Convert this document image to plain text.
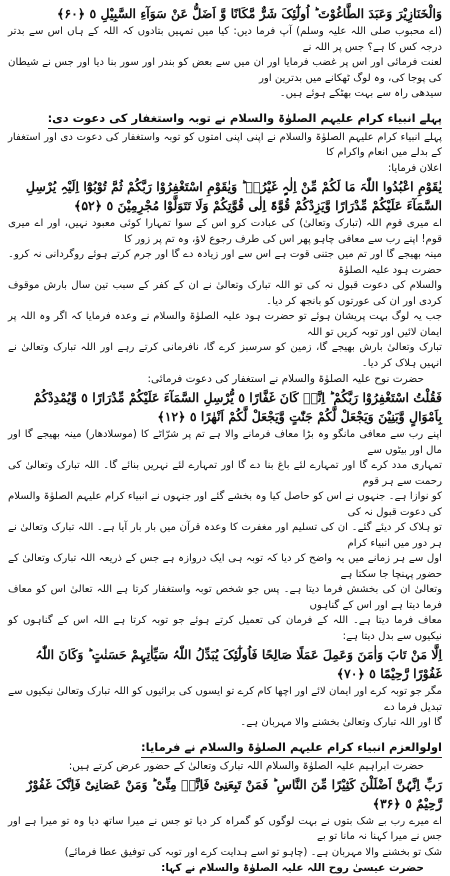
وَالْخَنَازِیْرَ وَعَبَدَ الطَّاغُوْتَ ؕ اُولٰٓئِکَ شَرٌّ مَّکَانًا وَّ اَضَلُّ عَنْ سَوَآءِ السَّبِیْلِ ٥ ﴿۶۰﴾
(اے محبوب صلی اللہ علیہ وسلم) آپ فرما دیں: کیا میں تمہیں بتادوں کہ اللہ کے ہاں اس سے بدتر درجہ کس کا ہے؟ جس پر اللہ نے
لعنت فرمائی اور اس پر غضب فرمایا اور ان میں سے بعض کو بندر اور سور بنا دیا اور جس نے شیطان کی پوجا کی، وہ لوگ ٹھکانے میں بدترین اور
سیدھی راہ سے بہت بھٹکے ہوئے ہیں۔
پہلے انبیاء کرام علیہم الصلوٰۃ والسلام نے توبہ واستغفار کی دعوت دی:
پہلے انبیاء کرام علیہم الصلوٰۃ والسلام نے اپنی اپنی امتوں کو توبہ واستغفار کی دعوت دی اور استغفار کے بدلے میں انعام واکرام کا
اعلان فرمایا:
یٰقَوْمِ اعْبُدُوا اللّٰہَ مَا لَکُمْ مِّنْ اِلٰہٍ غَیْرُہٗ ؕ وَیٰقَوْمِ اسْتَغْفِرُوْا رَبَّکُمْ ثُمَّ تُوْبُوْٓا اِلَیْہِ یُرْسِلِ السَّمَآءَ عَلَیْکُمْ مِّدْرَارًا وَّیَزِدْکُمْ قُوَّۃً اِلٰی قُوَّتِکُمْ وَلَا تَتَوَلَّوْا مُجْرِمِیْنَ ٥ ﴿۵۲﴾
اے میری قوم اللہ (تبارک وتعالیٰ) کی عبادت کرو اس کے سوا تمہارا کوئی معبود نہیں، اور اے میری قوم! اپنے رب سے معافی چاہو پھر اس کی طرف رجوع لاؤ، وہ تم پر زور کا
مینہ بھیجے گا اور تم میں جتنی قوت ہے اس سے اور زیادہ دے گا اور جرم کرتے ہوئے روگردانی نہ کرو۔ حضرت ہود علیہ الصلوٰۃ
والسلام کی دعوت قبول نہ کی تو اللہ تبارک وتعالیٰ نے ان کے کفر کے سبب تین سال بارش موقوف کردی اور ان کی عورتوں کو بانجھ کر دیا۔
جب یہ لوگ بہت پریشان ہوئے تو حضرت ہود علیہ الصلوٰۃ والسلام نے وعدہ فرمایا کہ اگر وہ اللہ پر ایمان لائیں اور توبہ کریں تو اللہ
تبارک وتعالیٰ بارش بھیجے گا، زمین کو سرسبز کرے گا، نافرمانی کرتے رہے اور اللہ تبارک وتعالیٰ نے انہیں ہلاک کر دیا۔
حضرت نوح علیہ الصلوٰۃ والسلام نے استغفار کی دعوت فرمائی:
فَقُلْتُ اسْتَغْفِرُوْا رَبَّکُمْ ؕ اِنَّہٗ کَانَ غَفَّارًا ٥ یُّرْسِلِ السَّمَآءَ عَلَیْکُمْ مِّدْرَارًا ٥ وَّیُمْدِدْکُمْ بِاَمْوَالٍ وَّبَنِیْنَ وَیَجْعَلْ لَّکُمْ جَنّٰتٍ وَّیَجْعَلْ لَّکُمْ اَنْھٰرًا ٥ ﴿۱۲﴾
اپنے رب سے معافی مانگو وہ بڑا معاف فرمانے والا ہے تم پر شرّاٹے کا (موسلادھار) مینہ بھیجے گا اور مال اور بیٹوں سے
تمہاری مدد کرے گا اور تمہارے لئے باغ بنا دے گا اور تمہارے لئے نہریں بنائے گا۔ اللہ تبارک وتعالیٰ کی رحمت سے ہر قوم
کو نوازا ہے۔ جنہوں نے اس کو حاصل کیا وہ بخشے گئے اور جنہوں نے انبیاء کرام علیہم الصلوٰۃ والسلام کی دعوت قبول نہ کی
تو ہلاک کر دیئے گئے۔ ان کی تسلیم اور مغفرت کا وعدہ قرآن میں بار بار آیا ہے۔ اللہ تبارک وتعالیٰ نے ہر دور میں انبیاء کرام
اول سے ہر زمانے میں یہ واضح کر دیا کہ توبہ ہی ایک دروازہ ہے جس کے ذریعہ اللہ تبارک وتعالیٰ کے حضور پہنچا جا سکتا ہے
وتعالیٰ ان کی بخشش فرما دیتا ہے۔ پس جو شخص توبہ واستغفار کرتا ہے اللہ تعالیٰ اس کو معاف فرما دیتا ہے اور اس کے گناہوں
معاف فرما دیتا ہے۔ اللہ کے فرمان کی تعمیل کرتے ہوئے جو توبہ کرتا ہے اللہ اس کے گناہوں کو نیکیوں سے بدل دیتا ہے:
اِلَّا مَنْ تَابَ وَاٰمَنَ وَعَمِلَ عَمَلًا صَالِحًا فَاُولٰٓئِکَ یُبَدِّلُ اللّٰہُ سَیِّاٰتِہِمْ حَسَنٰتٍ ؕ وَکَانَ اللّٰہُ غَفُوْرًا رَّحِیْمًا ٥ ﴿۷۰﴾
مگر جو توبہ کرے اور ایمان لائے اور اچھا کام کرے تو ایسوں کی برائیوں کو اللہ تبارک وتعالیٰ نیکیوں سے تبدیل فرما دے
گا اور اللہ تبارک وتعالیٰ بخشنے والا مہربان ہے۔
اولوالعزم انبیاء کرام علیہم الصلوٰۃ والسلام نے فرمایا:
حضرت ابراہیم علیہ الصلوٰۃ والسلام اللہ تبارک وتعالیٰ کے حضور عرض کرتے ہیں:
رَبِّ اِنَّہُنَّ اَضْلَلْنَ کَثِیْرًا مِّنَ النَّاسِ ؕ فَمَنْ تَبِعَنِیْ فَاِنَّہٗ مِنِّیْ ؕ وَمَنْ عَصَانِیْ فَاِنَّکَ غَفُوْرٌ رَّحِیْمٌ ٥ ﴿۳۶﴾
اے میرے رب بے شک بتوں نے بہت لوگوں کو گمراہ کر دیا تو جس نے میرا ساتھ دیا وہ تو میرا ہے اور جس نے میرا کہنا نہ مانا تو بے
شک تو بخشنے والا مہربان ہے۔ (چاہو تو اسے ہدایت کرے اور توبہ کی توفیق عطا فرمائے)
حضرت عیسیٰ روح اللہ علیہ الصلوٰۃ والسلام نے کہا:
